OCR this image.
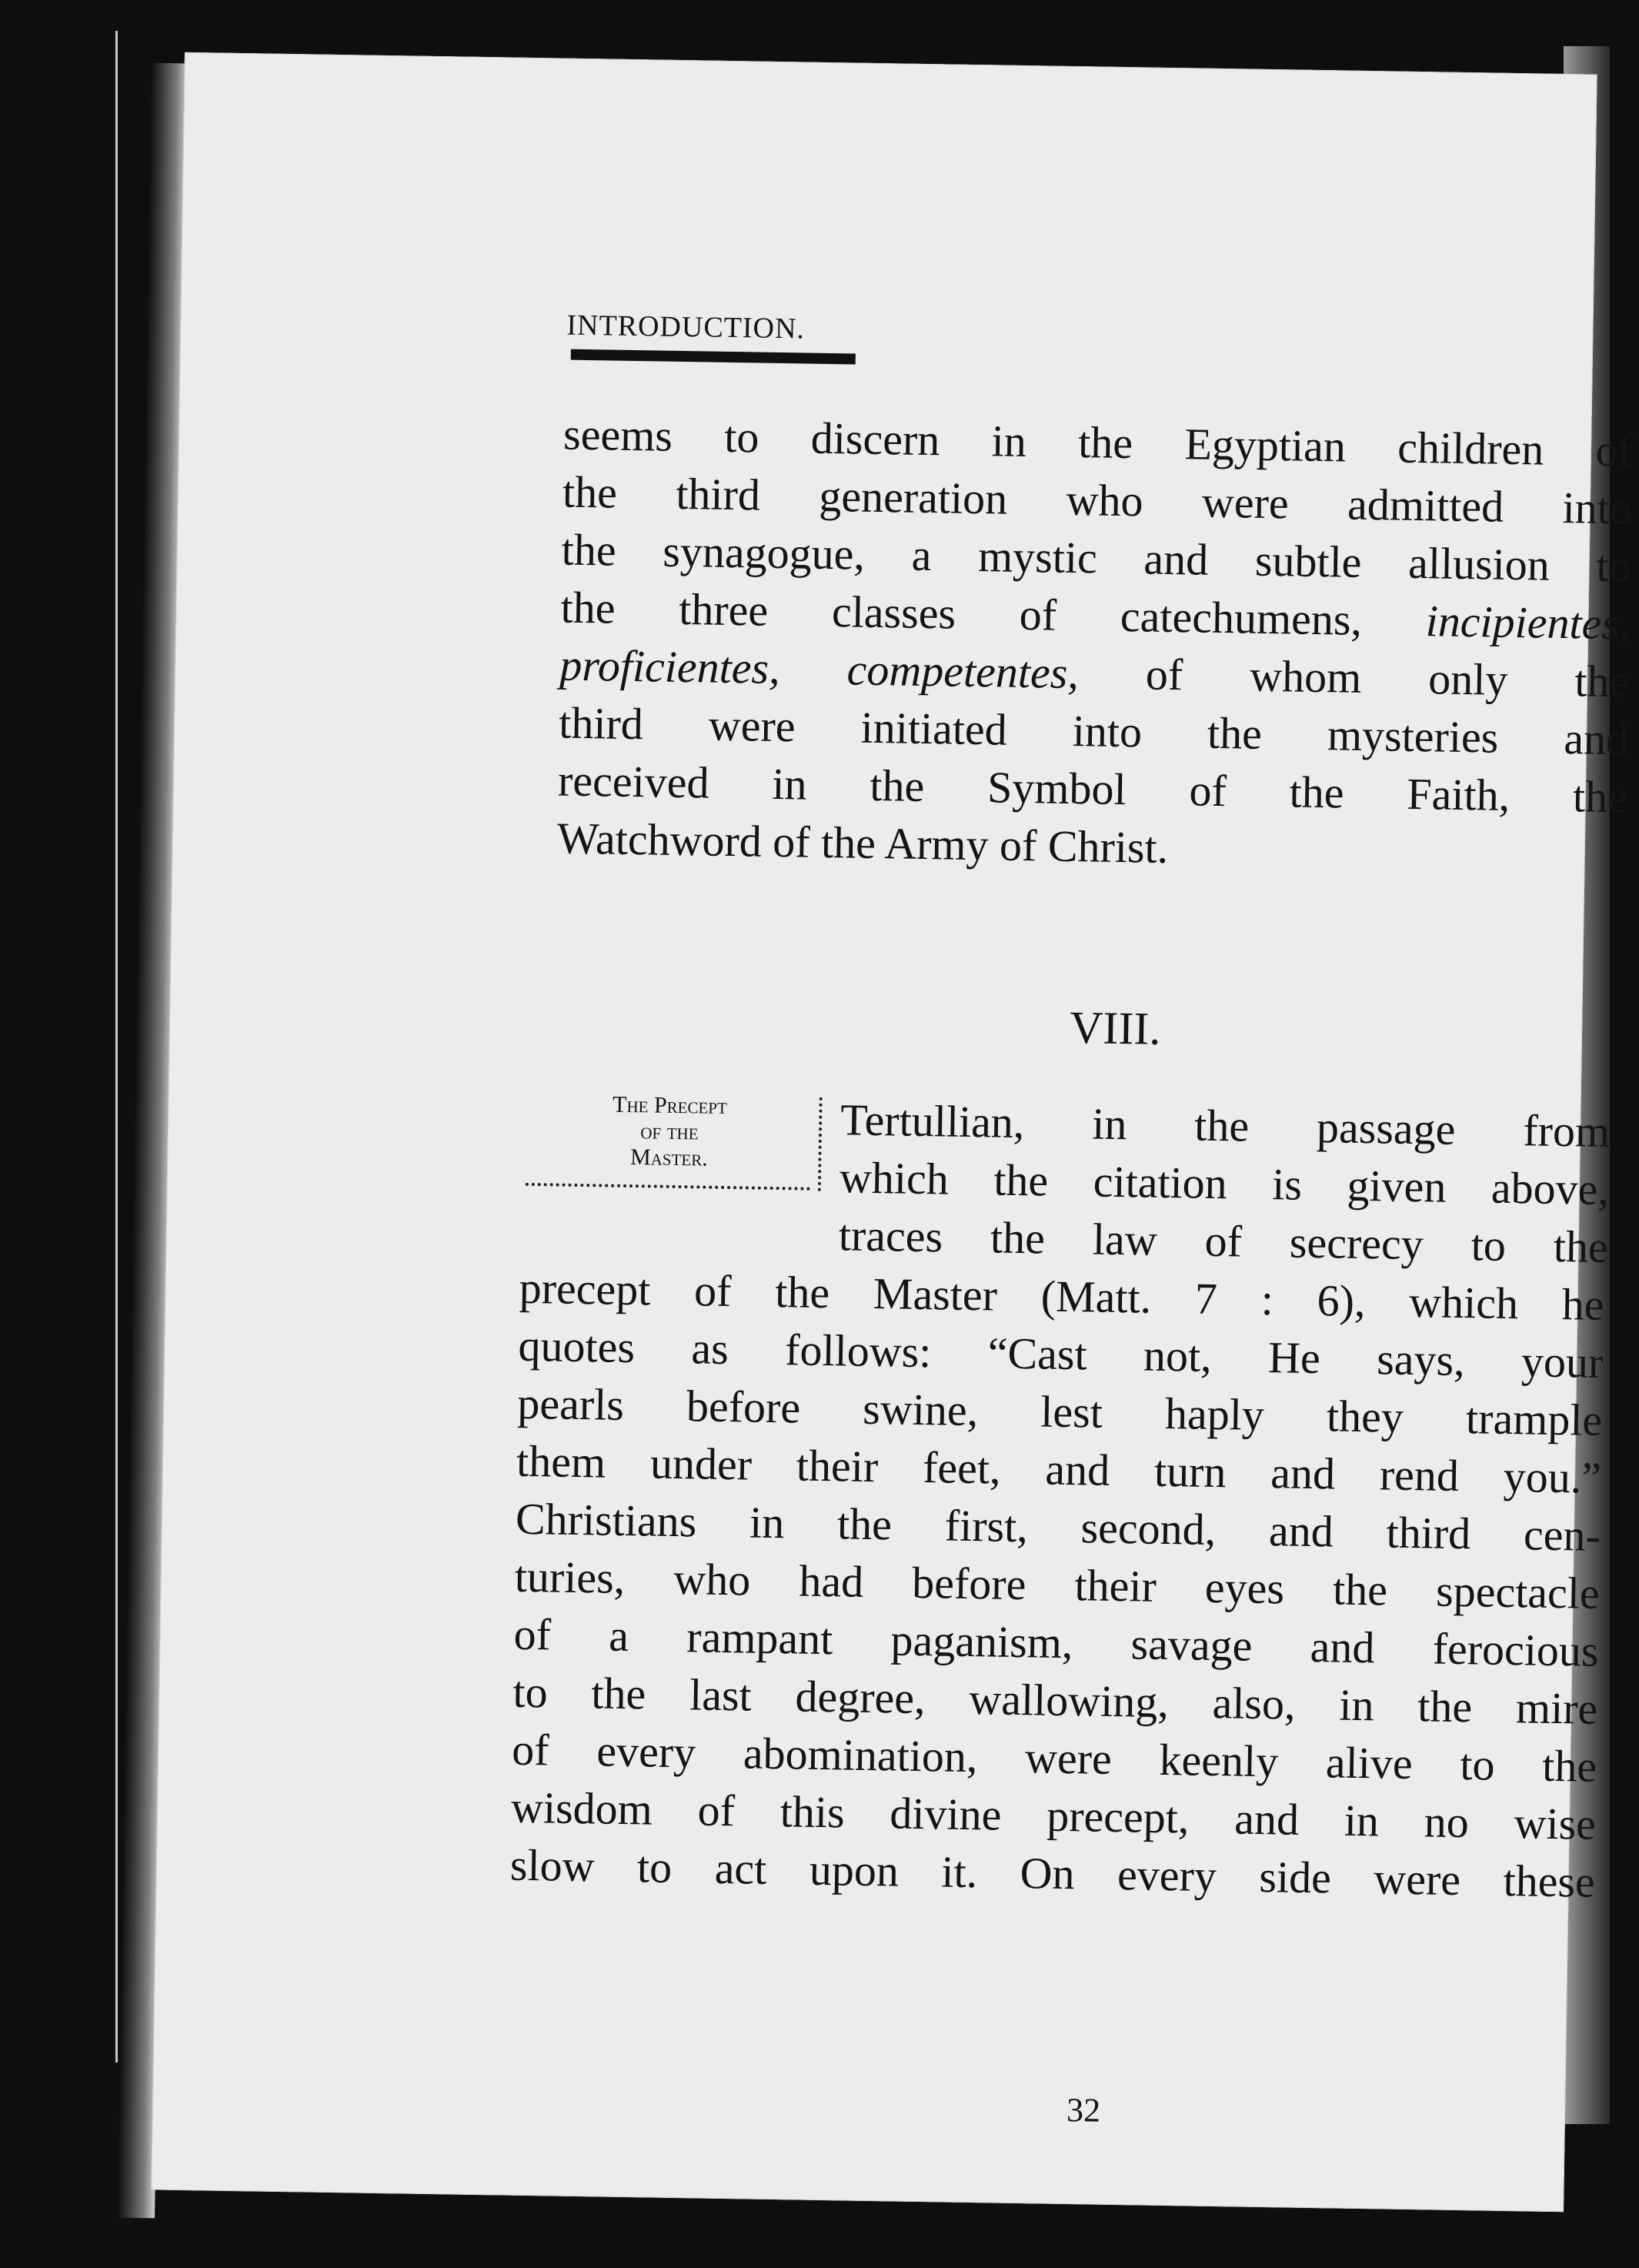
INTRODUCTION.
seems to discern in the Egyptian children of
the third generation who were admitted into
the synagogue, a mystic and subtle allusion to
the three classes of catechumens, incipientes,
proficientes, competentes, of whom only the
third were initiated into the mysteries and
received in the Symbol of the Faith, the
Watchword of the Army of Christ.
VIII.
The Precept
of the
Master.
Tertullian, in the passage from
which the citation is given above,
traces the law of secrecy to the
precept of the Master (Matt. 7 : 6), which he
quotes as follows: “Cast not, He says, your
pearls before swine, lest haply they trample
them under their feet, and turn and rend you.”
Christians in the first, second, and third cen-
turies, who had before their eyes the spectacle
of a rampant paganism, savage and ferocious
to the last degree, wallowing, also, in the mire
of every abomination, were keenly alive to the
wisdom of this divine precept, and in no wise
slow to act upon it. On every side were these
32
